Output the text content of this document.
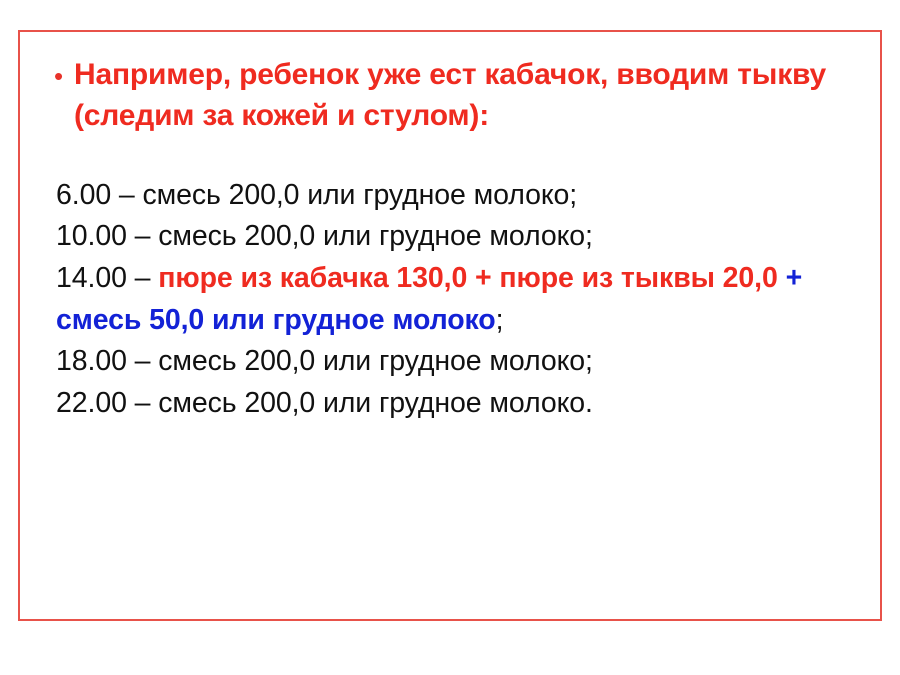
• Например, ребенок уже ест кабачок, вводим тыкву (следим за кожей и стулом):
6.00 – смесь 200,0 или грудное молоко;
10.00 – смесь 200,0 или грудное молоко;
14.00 – пюре из кабачка 130,0 + пюре из тыквы 20,0 + смесь 50,0 или грудное молоко;
18.00 – смесь 200,0 или грудное молоко;
22.00 – смесь 200,0 или грудное молоко.
